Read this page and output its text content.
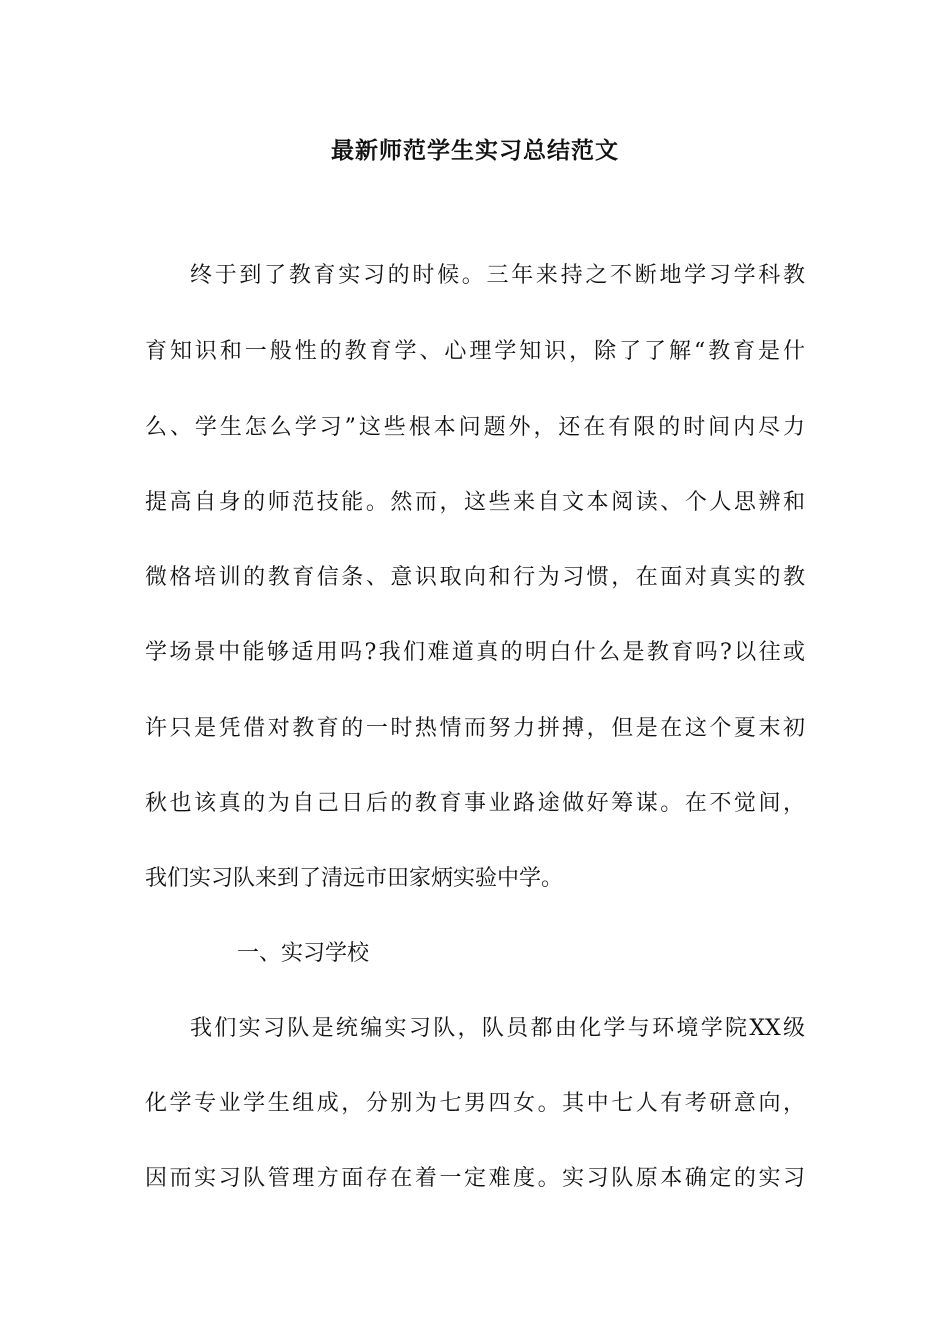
最新师范学生实习总结范文
终于到了教育实习的时候。三年来持之不断地学习学科教
育知识和一般性的教育学、心理学知识，除了了解“教育是什
么、学生怎么学习”这些根本问题外，还在有限的时间内尽力
提高自身的师范技能。然而，这些来自文本阅读、个人思辨和
微格培训的教育信条、意识取向和行为习惯，在面对真实的教
学场景中能够适用吗?我们难道真的明白什么是教育吗?以往或
许只是凭借对教育的一时热情而努力拼搏，但是在这个夏末初
秋也该真的为自己日后的教育事业路途做好筹谋。在不觉间，
我们实习队来到了清远市田家炳实验中学。
一、实习学校
我们实习队是统编实习队，队员都由化学与环境学院XX级
化学专业学生组成，分别为七男四女。其中七人有考研意向，
因而实习队管理方面存在着一定难度。实习队原本确定的实习
